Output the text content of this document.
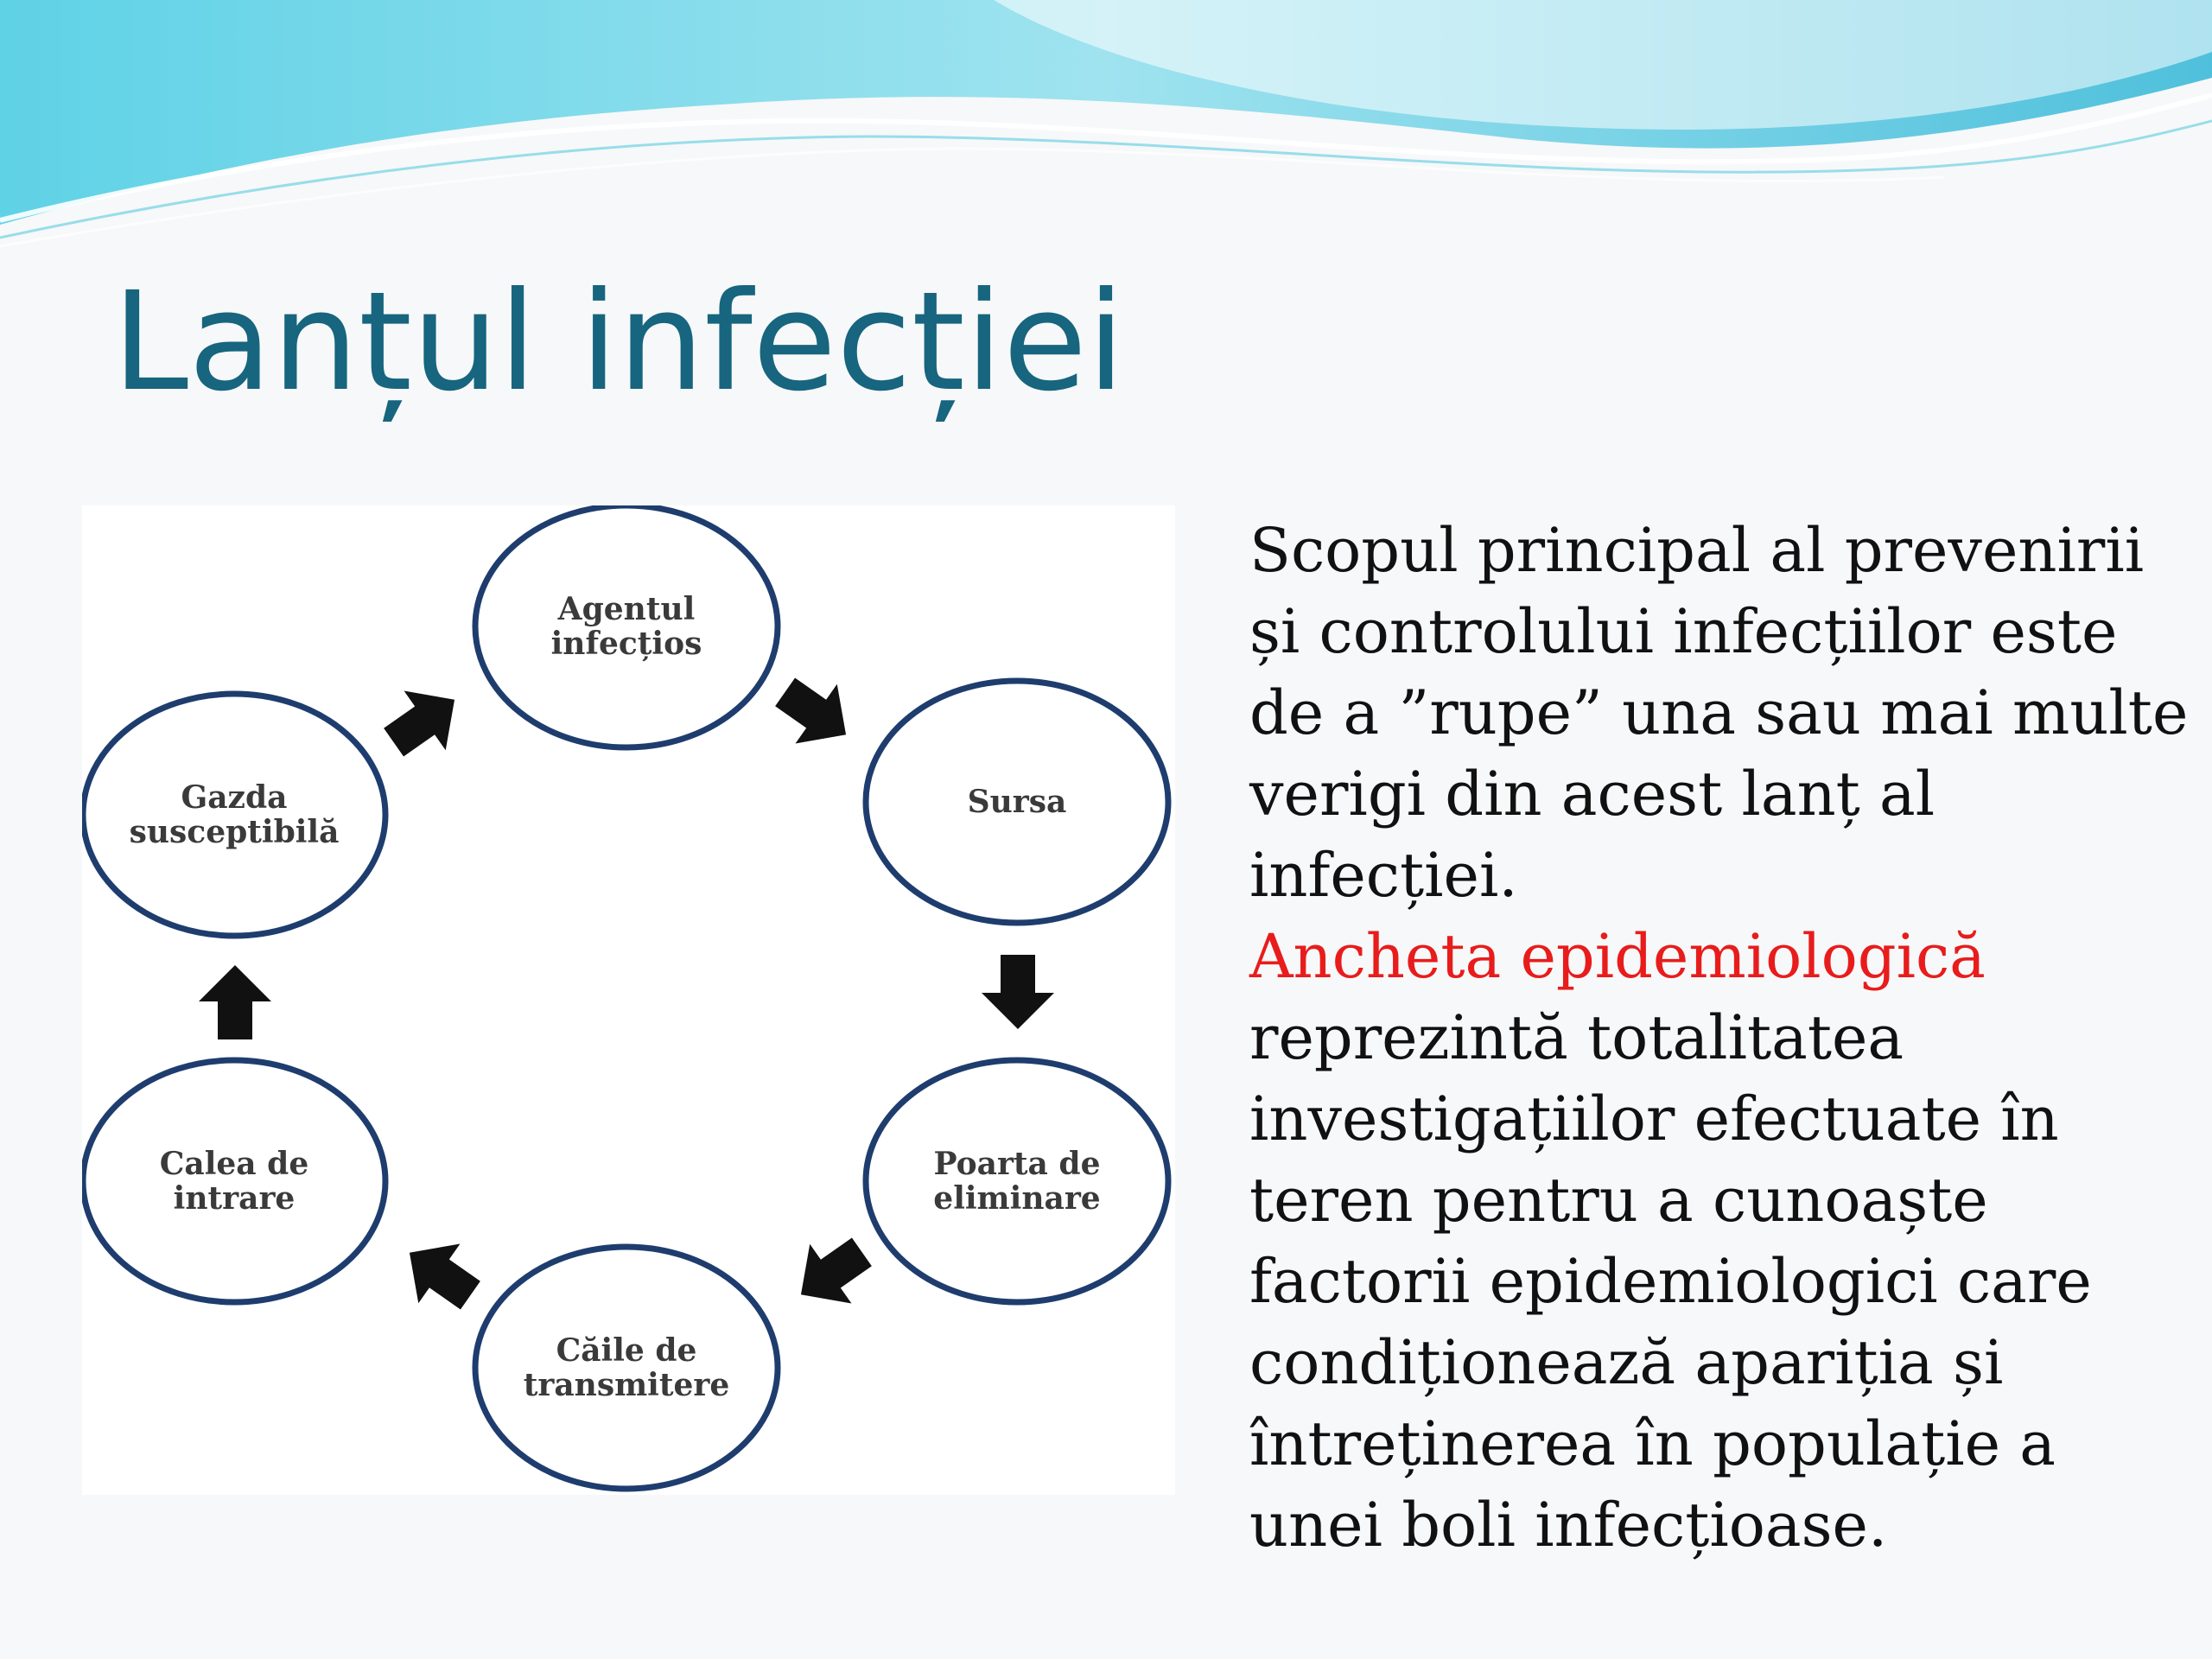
Lanțul infecției
Agentul
infecțios
Sursa
Poarta de
eliminare
Căile de
transmitere
Calea de
intrare
Gazda
susceptibilă

Scopul principal al prevenirii și controlului infecțiilor este de a ”rupe” una sau mai multe verigi din acest lanț al infecției.

Ancheta epidemiologică
reprezintă totalitatea investigațiilor efectuate în teren pentru a cunoaște factorii epidemiologici care condiționează apariția și întreținerea în populație a unei boli infecțioase.
